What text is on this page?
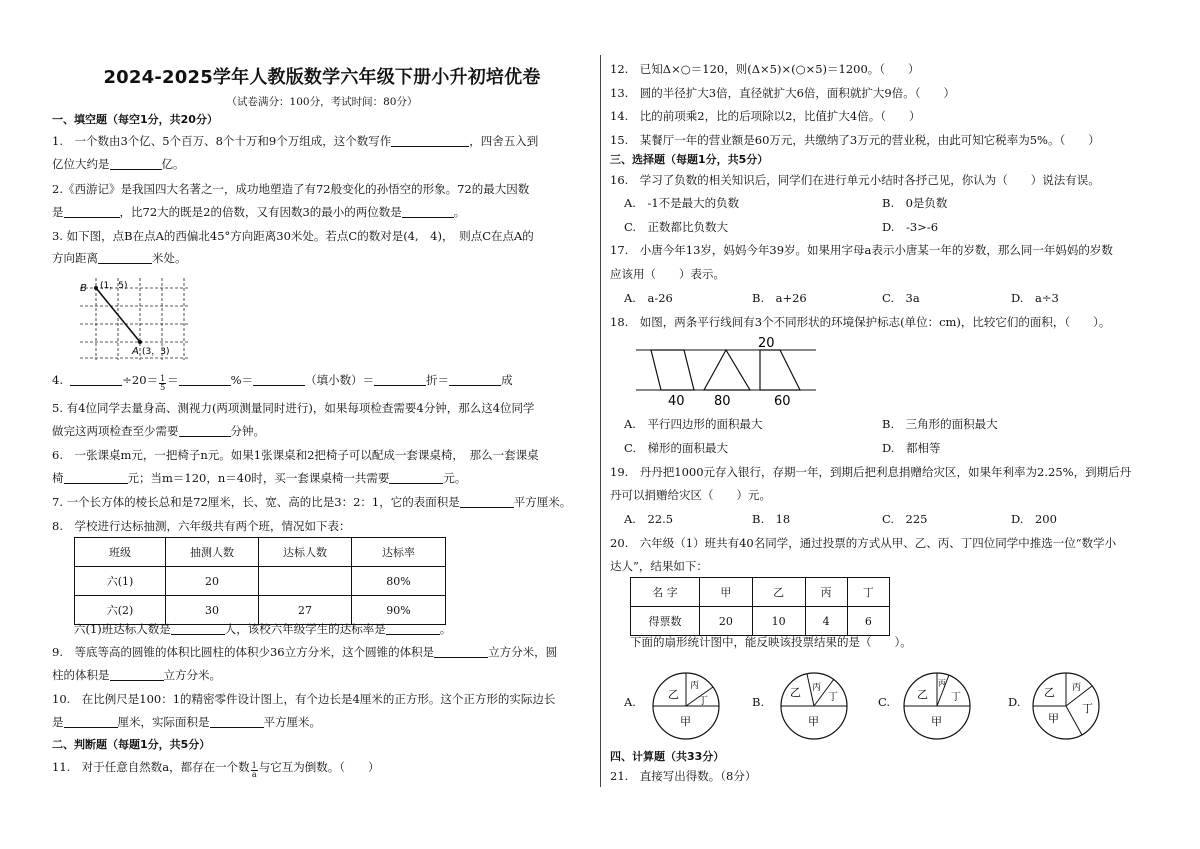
2024-2025学年人教版数学六年级下册小升初培优卷
（试卷满分：100分，考试时间：80分）
一、填空题（每空1分，共20分）
1.　一个数由3个亿、5个百万、8个十万和9个万组成，这个数写作	，四舍五入到
亿位大约是	亿。
2.《西游记》是我国四大名著之一，成功地塑造了有72般变化的孙悟空的形象。72的最大因数
是	，比72大的既是2的倍数，又有因数3的最小的两位数是	。
3. 如下图，点B在点A的西偏北45°方向距离30米处。若点C的数对是(4,　4)，　则点C在点A的
方向距离	米处。
B (1，5)
A (3，3)
4.	$\div 20= \frac{1}{5}$ ＝	%＝	（填小数）＝	折＝	成
5. 有4位同学去量身高、测视力(两项测量同时进行)，如果每项检查需要4分钟，那么这4位同学
做完这两项检查至少需要	分钟。
6.　一张课桌m元，一把椅子n元。如果1张课桌和2把椅子可以配成一套课桌椅，　那么一套课桌
椅	元；当m＝120，n＝40时，买一套课桌椅一共需要	元。
7. 一个长方体的棱长总和是72厘米，长、宽、高的比是3：2：1，它的表面积是	平方厘米。
8.　学校进行达标抽测，六年级共有两个班，情况如下表：
班级	抽测人数	达标人数	达标率
六(1)	20		80%
六(2)	30	27	90%
六(1)班达标人数是	人，该校六年级学生的达标率是	。
9.　等底等高的圆锥的体积比圆柱的体积少36立方分米，这个圆锥的体积是	立方分米，圆
柱的体积是	立方分米。
10.　在比例尺是100：1的精密零件设计图上，有个边长是4厘米的正方形。这个正方形的实际边长
是	厘米，实际面积是	平方厘米。
二、判断题（每题1分，共5分）
11.　对于任意自然数a，都存在一个数 $\frac{1}{a}$ 与它互为倒数。（　　）
12.　已知Δ×○＝120，则(Δ×5)×(○×5)＝1200。（　　）
13.　圆的半径扩大3倍，直径就扩大6倍，面积就扩大9倍。（　　）
14.　比的前项乘2，比的后项除以2，比值扩大4倍。（　　）
15.　某餐厅一年的营业额是60万元，共缴纳了3万元的营业税，由此可知它税率为5%。（　　）
三、选择题（每题1分，共5分）
16.　学习了负数的相关知识后，同学们在进行单元小结时各抒己见，你认为（　　）说法有误。
A.　-1不是最大的负数	B.　0是负数
C.　正数都比负数大	D.　-3>-6
17.　小唐今年13岁，妈妈今年39岁。如果用字母a表示小唐某一年的岁数，那么同一年妈妈的岁数
应该用（　　）表示。
A.　a-26	B.　a+26	C.　3a	D.　a÷3
18.　如图，两条平行线间有3个不同形状的环境保护标志(单位：cm)，比较它们的面积，（　　）。
20
40 80	60
A.　平行四边形的面积最大	B.　三角形的面积最大
C.　梯形的面积最大	D.　都相等
19.　丹丹把1000元存入银行，存期一年，到期后把利息捐赠给灾区，如果年利率为2.25%，到期后丹
丹可以捐赠给灾区（　　）元。
A.　22.5	B.　18	C.　225	D.　200
20.　六年级（1）班共有40名同学，通过投票的方式从甲、乙、丙、丁四位同学中推选一位“数学小
达人”，结果如下：
名 字	甲	乙	丙	丁
得票数	20	10	4	6
下面的扇形统计图中，能反映该投票结果的是（　　）。
A.
乙
丙
丁
甲
B.
乙 丙
丁
甲
C.
乙
丙
丁
甲
D.
乙 丙
丁
甲
四、计算题（共33分）
21.　直接写出得数。（8分）
